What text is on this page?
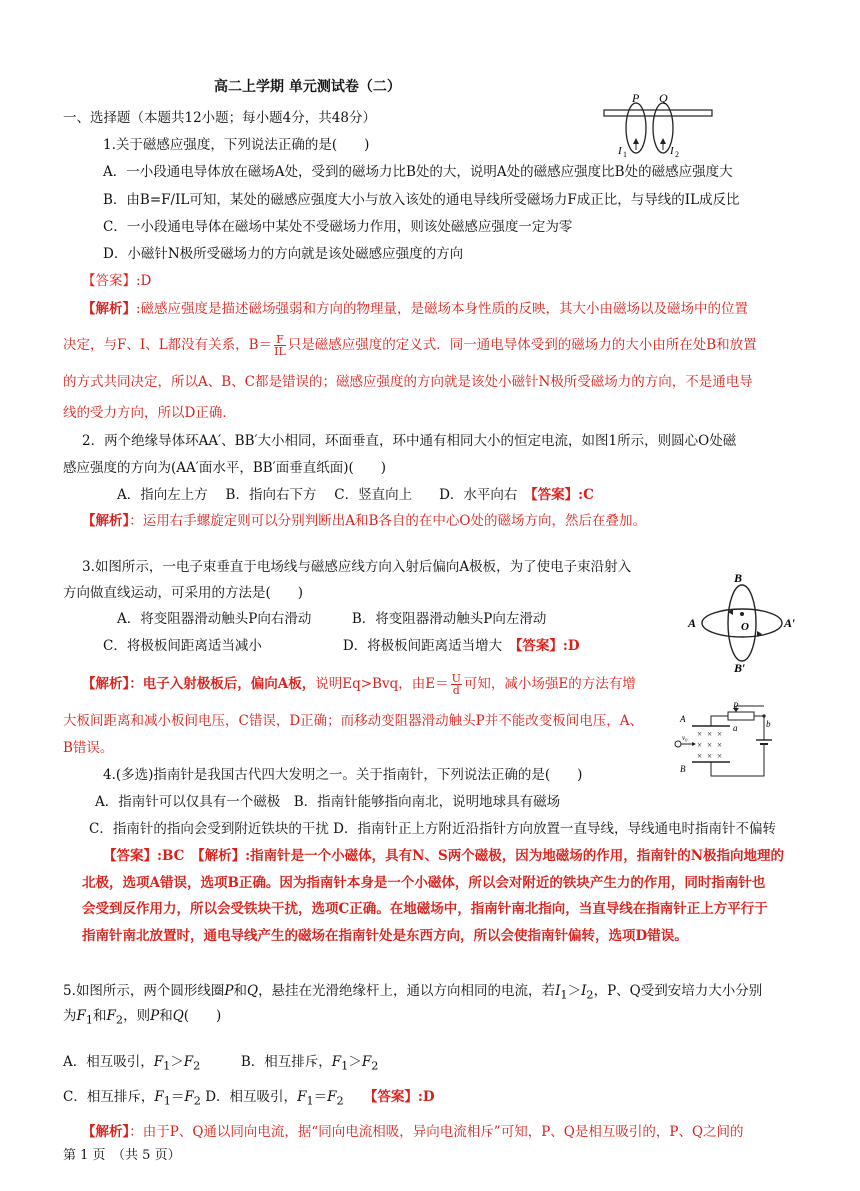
高二上学期 单元测试卷（二）
一、选择题（本题共12小题；每小题4分，共48分）
P Q
I 1	I 2
1.关于磁感应强度，下列说法正确的是(　　)
A．一小段通电导体放在磁场A处，受到的磁场力比B处的大，说明A处的磁感应强度比B处的磁感应强度大
B．由B=F/IL可知，某处的磁感应强度大小与放入该处的通电导线所受磁场力F成正比，与导线的IL成反比
C．一小段通电导体在磁场中某处不受磁场力作用，则该处磁感应强度一定为零
D．小磁针N极所受磁场力的方向就是该处磁感应强度的方向
【答案】:D
【解析】:磁感应强度是描述磁场强弱和方向的物理量，是磁场本身性质的反映，其大小由磁场以及磁场中的位置
决定，与F、I、L都没有关系，$B= \frac{F}{IL}$ 只是磁感应强度的定义式．同一通电导体受到的磁场力的大小由所在处B和放置
的方式共同决定，所以A、B、C都是错误的；磁感应强度的方向就是该处小磁针N极所受磁场力的方向，不是通电导
线的受力方向，所以D正确．
2．两个绝缘导体环AA′、BB′大小相同，环面垂直，环中通有相同大小的恒定电流，如图1所示，则圆心O处磁
感应强度的方向为(AA′面水平，BB′面垂直纸面)(　　)
A．指向左上方　 B．指向右下方　 C．竖直向上　　D．水平向右　 【答案】:C
【解析】：运用右手螺旋定则可以分别判断出A和B各自的在中心O处的磁场方向，然后在叠加。
3.如图所示，一电子束垂直于电场线与磁感应线方向入射后偏向A极板，为了使电子束沿射入
方向做直线运动，可采用的方法是(　　)
A．将变阻器滑动触头P向右滑动　　　B．将变阻器滑动触头P向左滑动
C．将极板间距离适当减小　　　　　　D．将极板间距离适当增大　 【答案】:D
【解析】：电子入射极板后，偏向A板，说明Eq>Bvq，由$E= \frac{U}{d}$ 可知，减小场强E的方法有增
大板间距离和减小板间电压，C错误，D正确；而移动变阻器滑动触头P并不能改变板间电压，A、
B错误。
B
B′
A	A′
O
× × ×
× × ×
× × ×
A
B
P
a	b
v₀
4.(多选)指南针是我国古代四大发明之一。关于指南针，下列说法正确的是(　　)
A．指南针可以仅具有一个磁极　B．指南针能够指向南北，说明地球具有磁场
C．指南针的指向会受到附近铁块的干扰 D．指南针正上方附近沿指针方向放置一直导线，导线通电时指南针不偏转
【答案】:BC　 【解析】:指南针是一个小磁体，具有N、S两个磁极，因为地磁场的作用，指南针的N极指向地理的
北极，选项A错误，选项B正确。因为指南针本身是一个小磁体，所以会对附近的铁块产生力的作用，同时指南针也
会受到反作用力，所以会受铁块干扰，选项C正确。在地磁场中，指南针南北指向，当直导线在指南针正上方平行于
指南针南北放置时，通电导线产生的磁场在指南针处是东西方向，所以会使指南针偏转，选项D错误。
5.如图所示，两个圆形线圈P和Q，悬挂在光滑绝缘杆上，通以方向相同的电流，若$I_1>I_2$，P、Q受到安培力大小分别
为$F_1$和$F_2$，则P和Q(　　)
A．相互吸引，$F_1>F_2$　　　	B．相互排斥，$F_1>F_2$
C．相互排斥，$F_1=F_2$ D．相互吸引，$F_1=F_2$　　 【答案】:D
【解析】：由于P、Q通以同向电流，据“同向电流相吸，异向电流相斥”可知，P、Q是相互吸引的，P、Q之间的
第 1 页　（共 5 页）
